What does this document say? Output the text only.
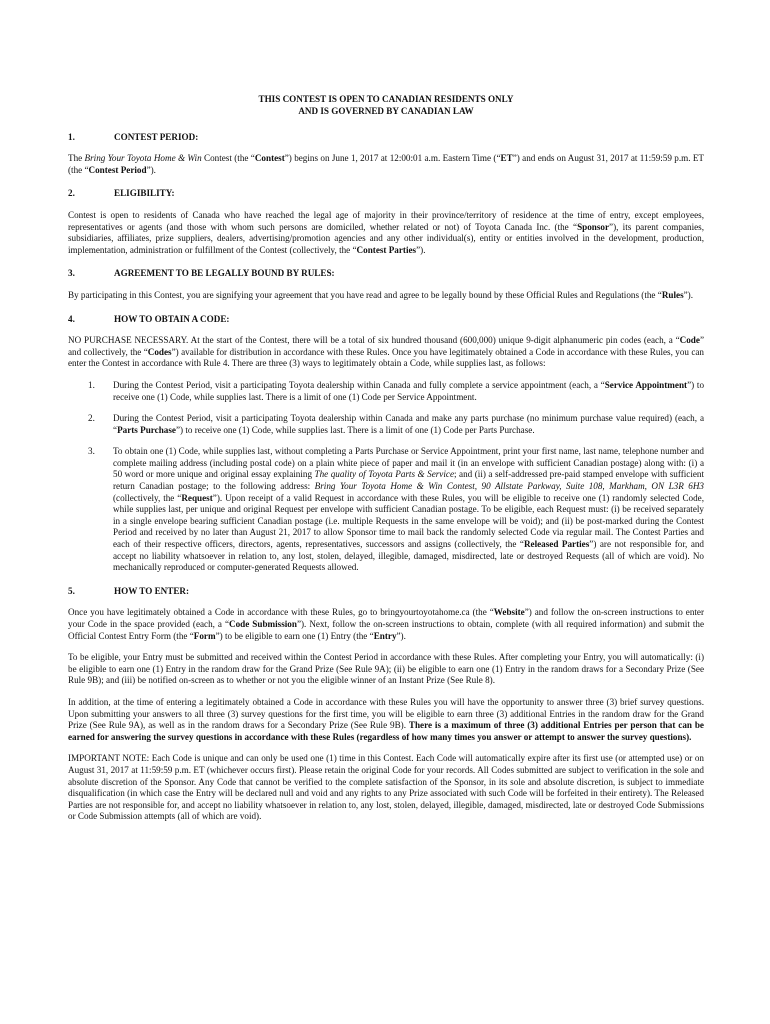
THIS CONTEST IS OPEN TO CANADIAN RESIDENTS ONLY
AND IS GOVERNED BY CANADIAN LAW
1.	CONTEST PERIOD:
The Bring Your Toyota Home & Win Contest (the “Contest”) begins on June 1, 2017 at 12:00:01 a.m. Eastern Time (“ET”) and ends on August 31, 2017 at 11:59:59 p.m. ET (the “Contest Period”).
2.	ELIGIBILITY:
Contest is open to residents of Canada who have reached the legal age of majority in their province/territory of residence at the time of entry, except employees, representatives or agents (and those with whom such persons are domiciled, whether related or not) of Toyota Canada Inc. (the “Sponsor”), its parent companies, subsidiaries, affiliates, prize suppliers, dealers, advertising/promotion agencies and any other individual(s), entity or entities involved in the development, production, implementation, administration or fulfillment of the Contest (collectively, the “Contest Parties”).
3.	AGREEMENT TO BE LEGALLY BOUND BY RULES:
By participating in this Contest, you are signifying your agreement that you have read and agree to be legally bound by these Official Rules and Regulations (the “Rules”).
4.	HOW TO OBTAIN A CODE:
NO PURCHASE NECESSARY. At the start of the Contest, there will be a total of six hundred thousand (600,000) unique 9-digit alphanumeric pin codes (each, a “Code” and collectively, the “Codes”) available for distribution in accordance with these Rules. Once you have legitimately obtained a Code in accordance with these Rules, you can enter the Contest in accordance with Rule 4. There are three (3) ways to legitimately obtain a Code, while supplies last, as follows:
1.	During the Contest Period, visit a participating Toyota dealership within Canada and fully complete a service appointment (each, a “Service Appointment”) to receive one (1) Code, while supplies last. There is a limit of one (1) Code per Service Appointment.
2.	During the Contest Period, visit a participating Toyota dealership within Canada and make any parts purchase (no minimum purchase value required) (each, a “Parts Purchase”) to receive one (1) Code, while supplies last. There is a limit of one (1) Code per Parts Purchase.
3.	To obtain one (1) Code, while supplies last, without completing a Parts Purchase or Service Appointment, print your first name, last name, telephone number and complete mailing address (including postal code) on a plain white piece of paper and mail it (in an envelope with sufficient Canadian postage) along with: (i) a 50 word or more unique and original essay explaining The quality of Toyota Parts & Service; and (ii) a self-addressed pre-paid stamped envelope with sufficient return Canadian postage; to the following address: Bring Your Toyota Home & Win Contest, 90 Allstate Parkway, Suite 108, Markham, ON L3R 6H3 (collectively, the “Request”). Upon receipt of a valid Request in accordance with these Rules, you will be eligible to receive one (1) randomly selected Code, while supplies last, per unique and original Request per envelope with sufficient Canadian postage. To be eligible, each Request must: (i) be received separately in a single envelope bearing sufficient Canadian postage (i.e. multiple Requests in the same envelope will be void); and (ii) be post-marked during the Contest Period and received by no later than August 21, 2017 to allow Sponsor time to mail back the randomly selected Code via regular mail. The Contest Parties and each of their respective officers, directors, agents, representatives, successors and assigns (collectively, the “Released Parties”) are not responsible for, and accept no liability whatsoever in relation to, any lost, stolen, delayed, illegible, damaged, misdirected, late or destroyed Requests (all of which are void). No mechanically reproduced or computer-generated Requests allowed.
5.	HOW TO ENTER:
Once you have legitimately obtained a Code in accordance with these Rules, go to bringyourtoyotahome.ca (the “Website”) and follow the on-screen instructions to enter your Code in the space provided (each, a “Code Submission”). Next, follow the on-screen instructions to obtain, complete (with all required information) and submit the Official Contest Entry Form (the “Form”) to be eligible to earn one (1) Entry (the “Entry”).
To be eligible, your Entry must be submitted and received within the Contest Period in accordance with these Rules. After completing your Entry, you will automatically: (i) be eligible to earn one (1) Entry in the random draw for the Grand Prize (See Rule 9A); (ii) be eligible to earn one (1) Entry in the random draws for a Secondary Prize (See Rule 9B); and (iii) be notified on-screen as to whether or not you the eligible winner of an Instant Prize (See Rule 8).
In addition, at the time of entering a legitimately obtained a Code in accordance with these Rules you will have the opportunity to answer three (3) brief survey questions. Upon submitting your answers to all three (3) survey questions for the first time, you will be eligible to earn three (3) additional Entries in the random draw for the Grand Prize (See Rule 9A), as well as in the random draws for a Secondary Prize (See Rule 9B). There is a maximum of three (3) additional Entries per person that can be earned for answering the survey questions in accordance with these Rules (regardless of how many times you answer or attempt to answer the survey questions).
IMPORTANT NOTE: Each Code is unique and can only be used one (1) time in this Contest. Each Code will automatically expire after its first use (or attempted use) or on August 31, 2017 at 11:59:59 p.m. ET (whichever occurs first). Please retain the original Code for your records. All Codes submitted are subject to verification in the sole and absolute discretion of the Sponsor. Any Code that cannot be verified to the complete satisfaction of the Sponsor, in its sole and absolute discretion, is subject to immediate disqualification (in which case the Entry will be declared null and void and any rights to any Prize associated with such Code will be forfeited in their entirety). The Released Parties are not responsible for, and accept no liability whatsoever in relation to, any lost, stolen, delayed, illegible, damaged, misdirected, late or destroyed Code Submissions or Code Submission attempts (all of which are void).
